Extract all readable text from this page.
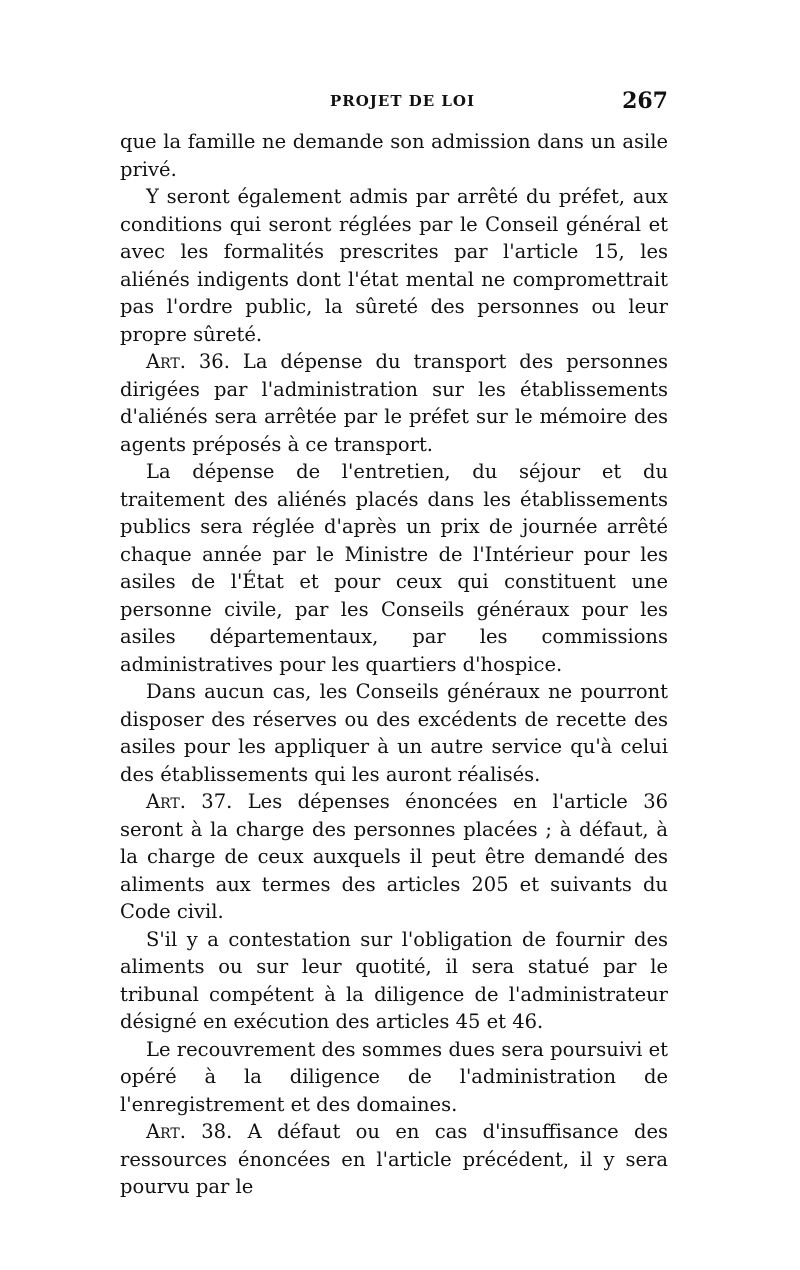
PROJET DE LOI	267

que la famille ne demande son admission dans un asile privé.

Y seront également admis par arrêté du préfet, aux conditions qui seront réglées par le Conseil général et avec les formalités prescrites par l'article 15, les aliénés indigents dont l'état mental ne compromettrait pas l'ordre public, la sûreté des personnes ou leur propre sûreté.

Art. 36. La dépense du transport des personnes dirigées par l'administration sur les établissements d'aliénés sera arrêtée par le préfet sur le mémoire des agents préposés à ce transport.

La dépense de l'entretien, du séjour et du traitement des aliénés placés dans les établissements publics sera réglée d'après un prix de journée arrêté chaque année par le Ministre de l'Intérieur pour les asiles de l'État et pour ceux qui constituent une personne civile, par les Conseils généraux pour les asiles départementaux, par les commissions administratives pour les quartiers d'hospice.

Dans aucun cas, les Conseils généraux ne pourront disposer des réserves ou des excédents de recette des asiles pour les appliquer à un autre service qu'à celui des établissements qui les auront réalisés.

Art. 37. Les dépenses énoncées en l'article 36 seront à la charge des personnes placées ; à défaut, à la charge de ceux auxquels il peut être demandé des aliments aux termes des articles 205 et suivants du Code civil.

S'il y a contestation sur l'obligation de fournir des aliments ou sur leur quotité, il sera statué par le tribunal compétent à la diligence de l'administrateur désigné en exécution des articles 45 et 46.

Le recouvrement des sommes dues sera poursuivi et opéré à la diligence de l'administration de l'enregistrement et des domaines.

Art. 38. A défaut ou en cas d'insuffisance des ressources énoncées en l'article précédent, il y sera pourvu par le
